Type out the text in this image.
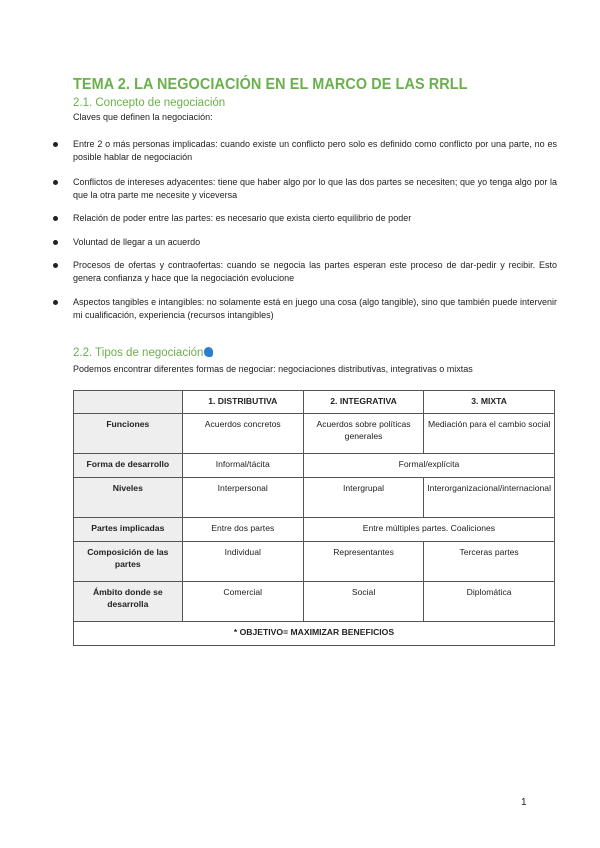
TEMA 2. LA NEGOCIACIÓN EN EL MARCO DE LAS RRLL
2.1. Concepto de negociación
Claves que definen la negociación:
Entre 2 o más personas implicadas: cuando existe un conflicto pero solo es definido como conflicto por una parte, no es posible hablar de negociación
Conflictos de intereses adyacentes: tiene que haber algo por lo que las dos partes se necesiten; que yo tenga algo por la que la otra parte me necesite y viceversa
Relación de poder entre las partes: es necesario que exista cierto equilibrio de poder
Voluntad de llegar a un acuerdo
Procesos de ofertas y contraofertas: cuando se negocia las partes esperan este proceso de dar-pedir y recibir. Esto genera confianza y hace que la negociación evolucione
Aspectos tangibles e intangibles: no solamente está en juego una cosa (algo tangible), sino que también puede intervenir mi cualificación, experiencia (recursos intangibles)
2.2. Tipos de negociación
Podemos encontrar diferentes formas de negociar: negociaciones distributivas, integrativas o mixtas
	1. DISTRIBUTIVA	2. INTEGRATIVA	3. MIXTA
Funciones	Acuerdos concretos	Acuerdos sobre políticas generales	Mediación para el cambio social
Forma de desarrollo	Informal/tácita	Formal/explícita	
Niveles	Interpersonal	Intergrupal	Interorganizacional/internacional
Partes implicadas	Entre dos partes	Entre múltiples partes. Coaliciones	
Composición de las partes	Individual	Representantes	Terceras partes
Ámbito donde se desarrolla	Comercial	Social	Diplomática
* OBJETIVO= MAXIMIZAR BENEFICIOS			
1
